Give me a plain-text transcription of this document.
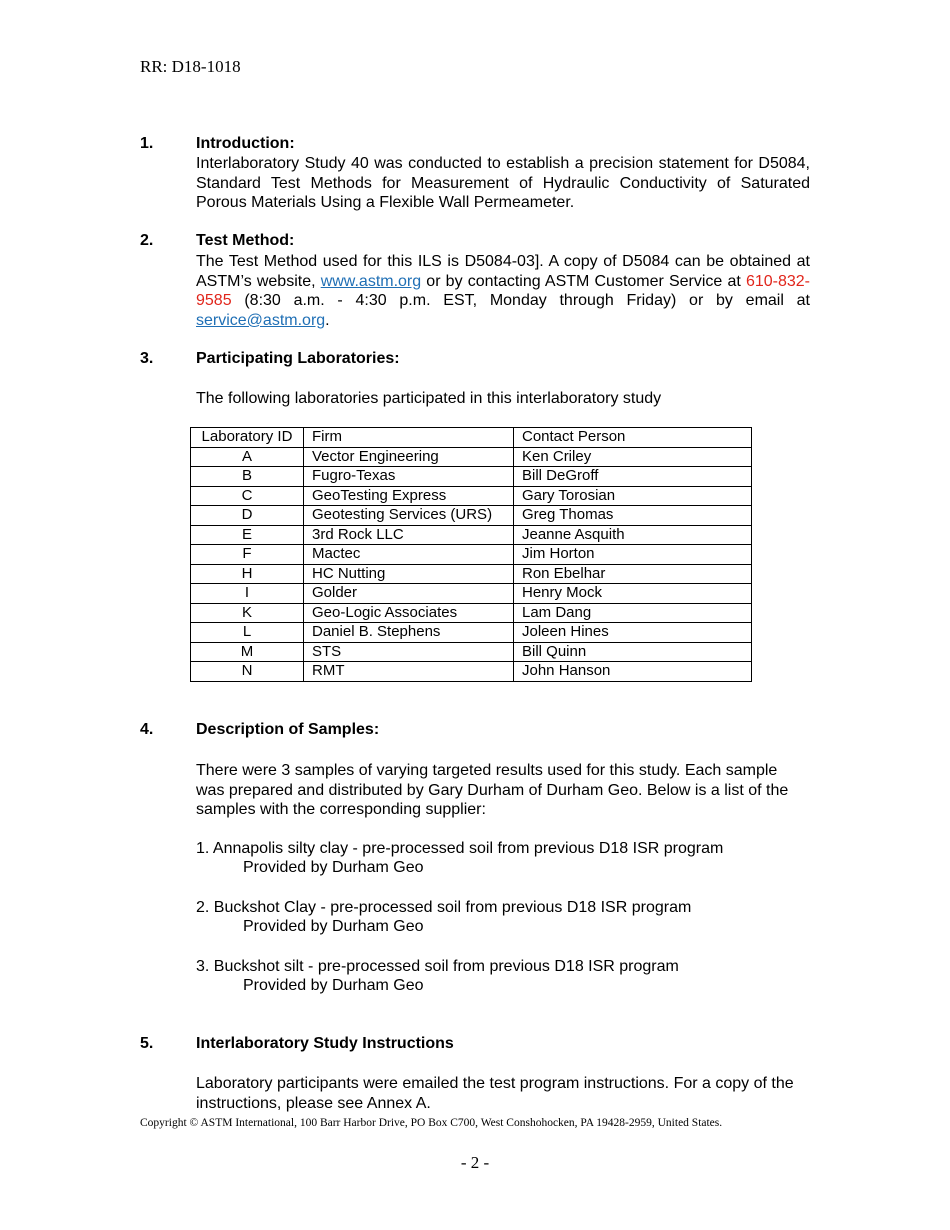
RR: D18-1018
1.	Introduction:
Interlaboratory Study 40 was conducted to establish a precision statement for D5084, Standard Test Methods for Measurement of Hydraulic Conductivity of Saturated Porous Materials Using a Flexible Wall Permeameter.
2.	Test Method:
The Test Method used for this ILS is D5084-03]. A copy of D5084 can be obtained at ASTM’s website, www.astm.org or by contacting ASTM Customer Service at 610-832-9585 (8:30 a.m. - 4:30 p.m. EST, Monday through Friday) or by email at service@astm.org.
3.	Participating Laboratories:
The following laboratories participated in this interlaboratory study
Laboratory ID	Firm	Contact Person
A	Vector Engineering	Ken Criley
B	Fugro-Texas	Bill DeGroff
C	GeoTesting Express	Gary Torosian
D	Geotesting Services (URS)	Greg Thomas
E	3rd Rock LLC	Jeanne Asquith
F	Mactec	Jim Horton
H	HC Nutting	Ron Ebelhar
I	Golder	Henry Mock
K	Geo-Logic Associates	Lam Dang
L	Daniel B. Stephens	Joleen Hines
M	STS	Bill Quinn
N	RMT	John Hanson
4.	Description of Samples:
There were 3 samples of varying targeted results used for this study. Each sample was prepared and distributed by Gary Durham of Durham Geo. Below is a list of the samples with the corresponding supplier:
1. Annapolis silty clay - pre-processed soil from previous D18 ISR program
Provided by Durham Geo
2. Buckshot Clay - pre-processed soil from previous D18 ISR program
Provided by Durham Geo
3. Buckshot silt - pre-processed soil from previous D18 ISR program
Provided by Durham Geo
5.	Interlaboratory Study Instructions
Laboratory participants were emailed the test program instructions. For a copy of the instructions, please see Annex A.
Copyright © ASTM International, 100 Barr Harbor Drive, PO Box C700, West Conshohocken, PA 19428-2959, United States.
- 2 -
